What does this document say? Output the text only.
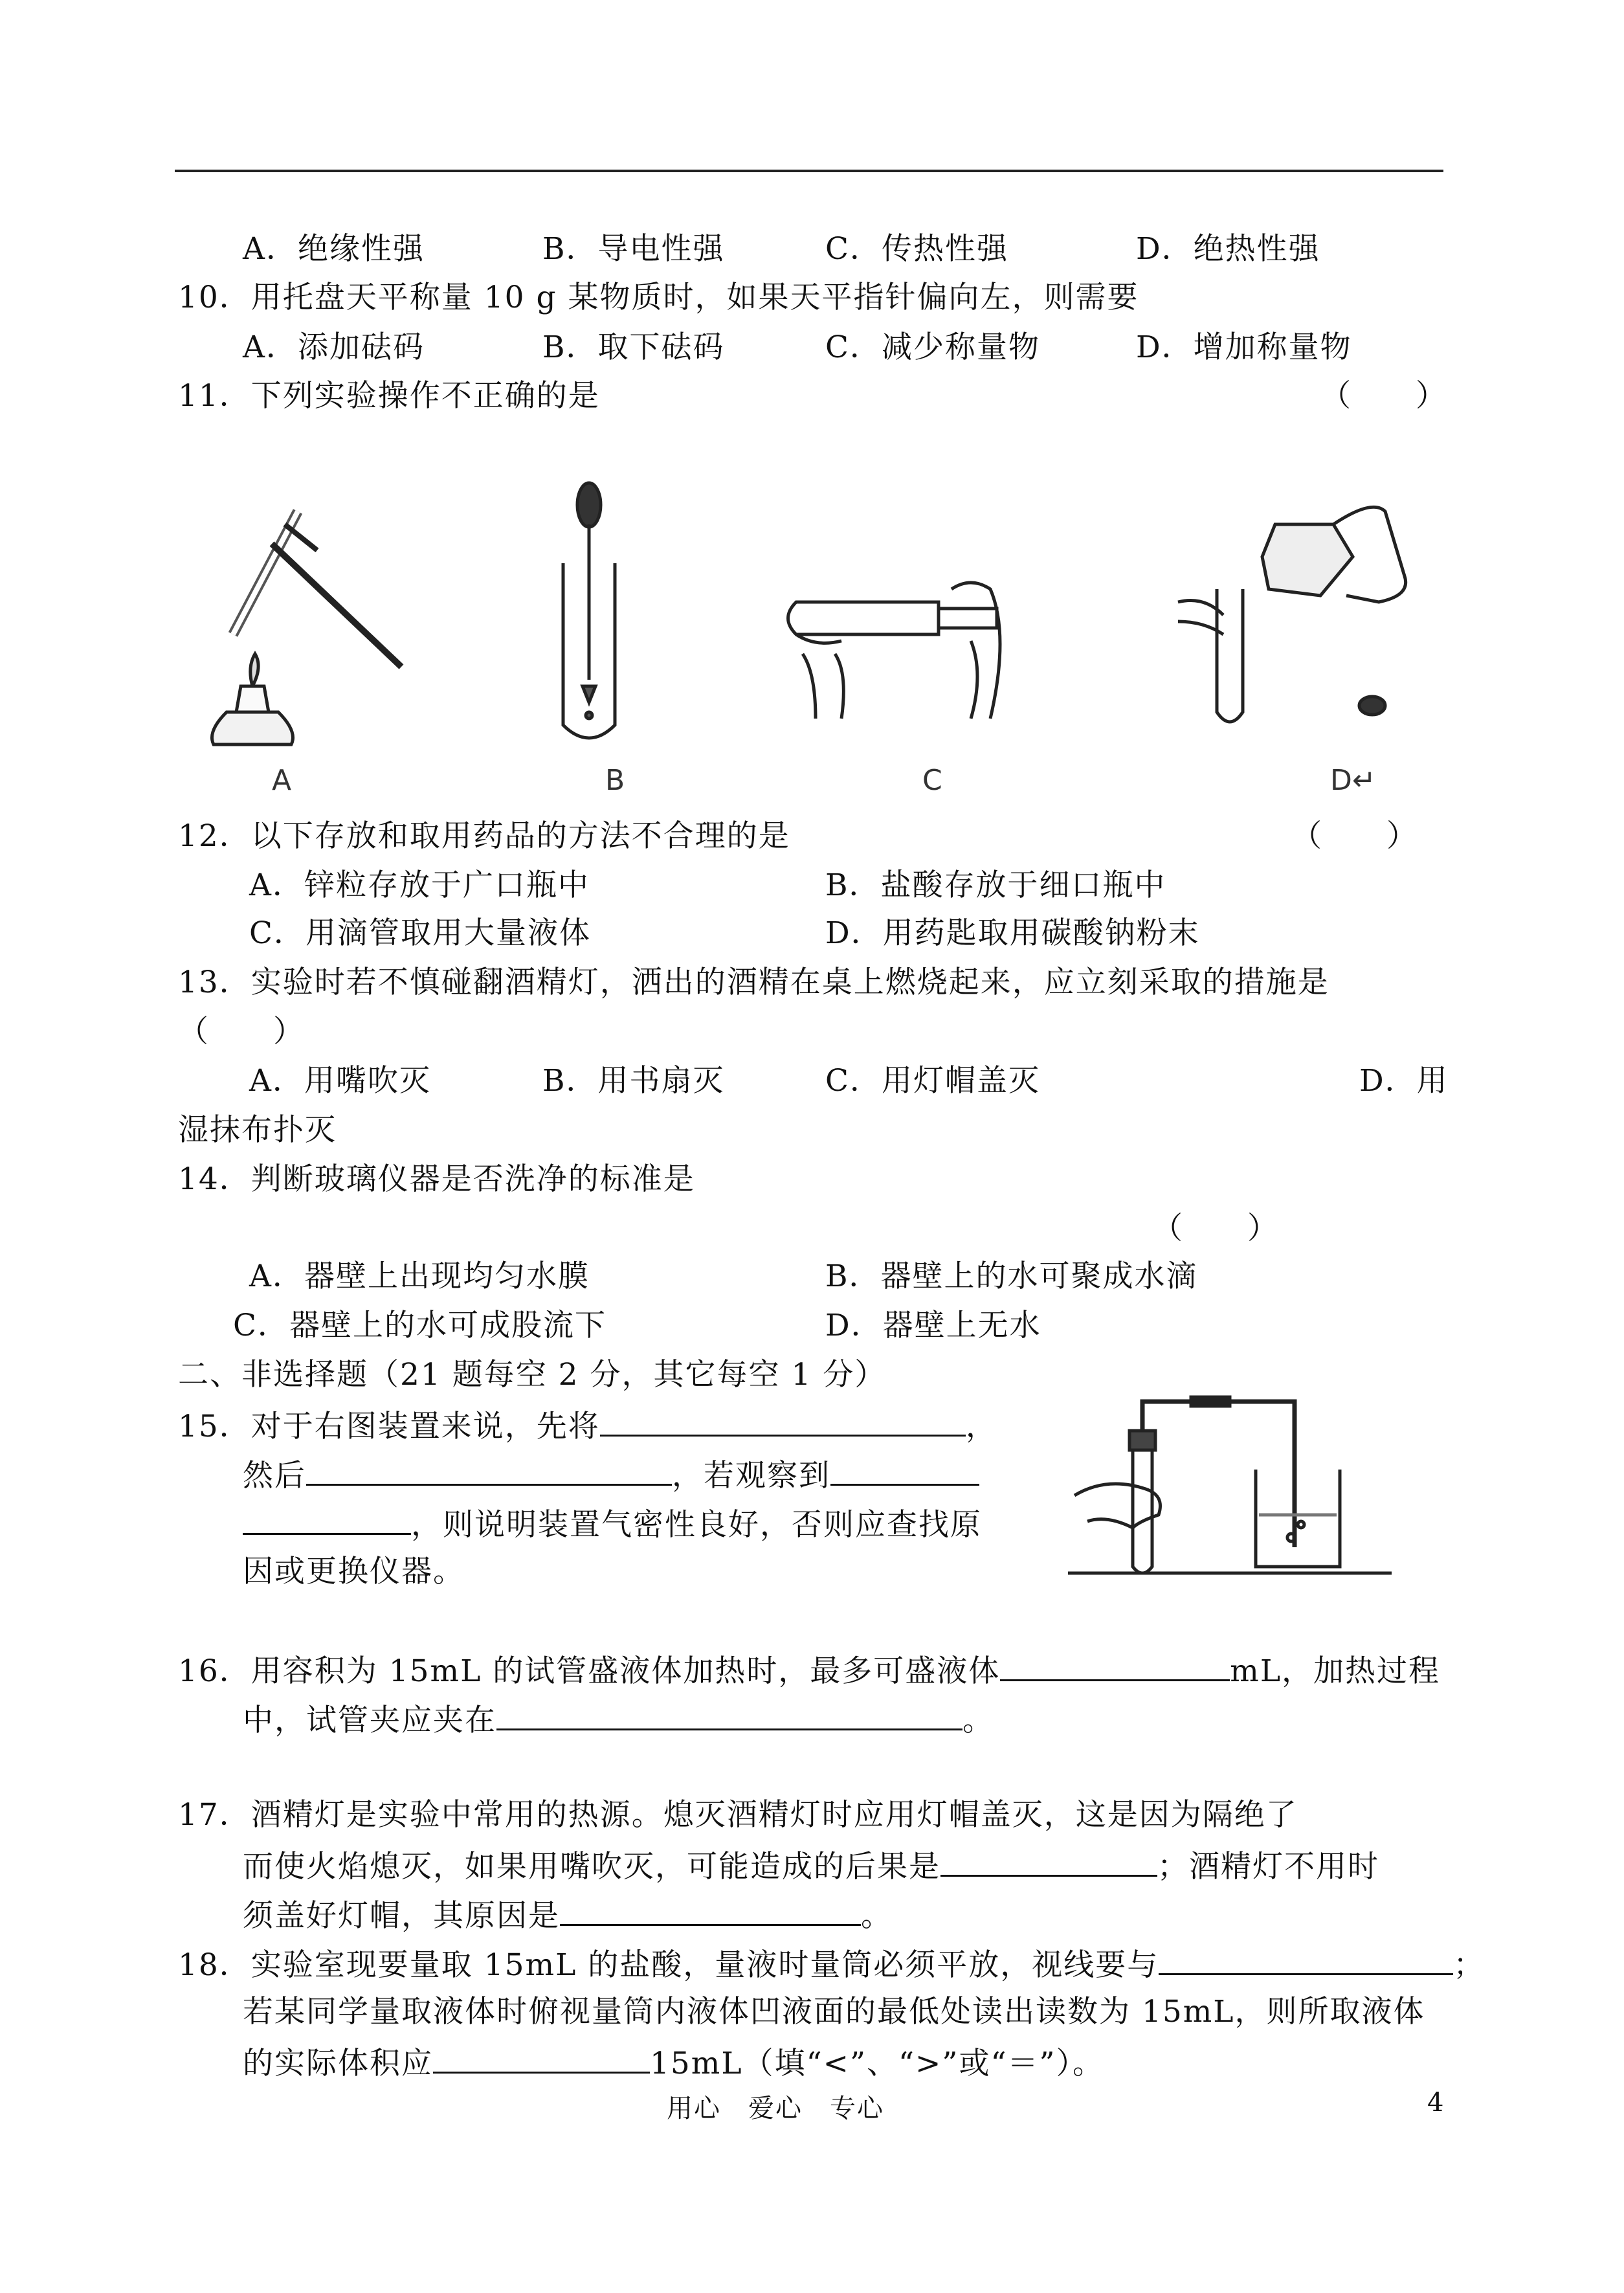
A．绝缘性强	B．导电性强	C．传热性强	D．绝热性强
10．用托盘天平称量 10 g 某物质时，如果天平指针偏向左，则需要
A．添加砝码	B．取下砝码	C．减少称量物	D．增加称量物
11．下列实验操作不正确的是	（　　）
A	B	C	D↵
12．以下存放和取用药品的方法不合理的是	（　　）
A．锌粒存放于广口瓶中	B．盐酸存放于细口瓶中
C．用滴管取用大量液体	D．用药匙取用碳酸钠粉末
13．实验时若不慎碰翻酒精灯，洒出的酒精在桌上燃烧起来，应立刻采取的措施是
（　　）
A．用嘴吹灭	B．用书扇灭	C．用灯帽盖灭	D．用
湿抹布扑灭
14．判断玻璃仪器是否洗净的标准是
（　　）
A．器壁上出现均匀水膜	B．器壁上的水可聚成水滴
C．器壁上的水可成股流下	D．器壁上无水
二、非选择题（21 题每空 2 分，其它每空 1 分）
15．对于右图装置来说，先将	，
然后	，若观察到
，则说明装置气密性良好，否则应查找原
因或更换仪器。
16．用容积为 15mL 的试管盛液体加热时，最多可盛液体	mL，加热过程
中，试管夹应夹在	。
17．酒精灯是实验中常用的热源。熄灭酒精灯时应用灯帽盖灭，这是因为隔绝了
而使火焰熄灭，如果用嘴吹灭，可能造成的后果是	；酒精灯不用时
须盖好灯帽，其原因是	。
18．实验室现要量取 15mL 的盐酸，量液时量筒必须平放，视线要与	；
若某同学量取液体时俯视量筒内液体凹液面的最低处读出读数为 15mL，则所取液体
的实际体积应	15mL（填“<”、“>”或“＝”）。
用心　爱心　专心	4
